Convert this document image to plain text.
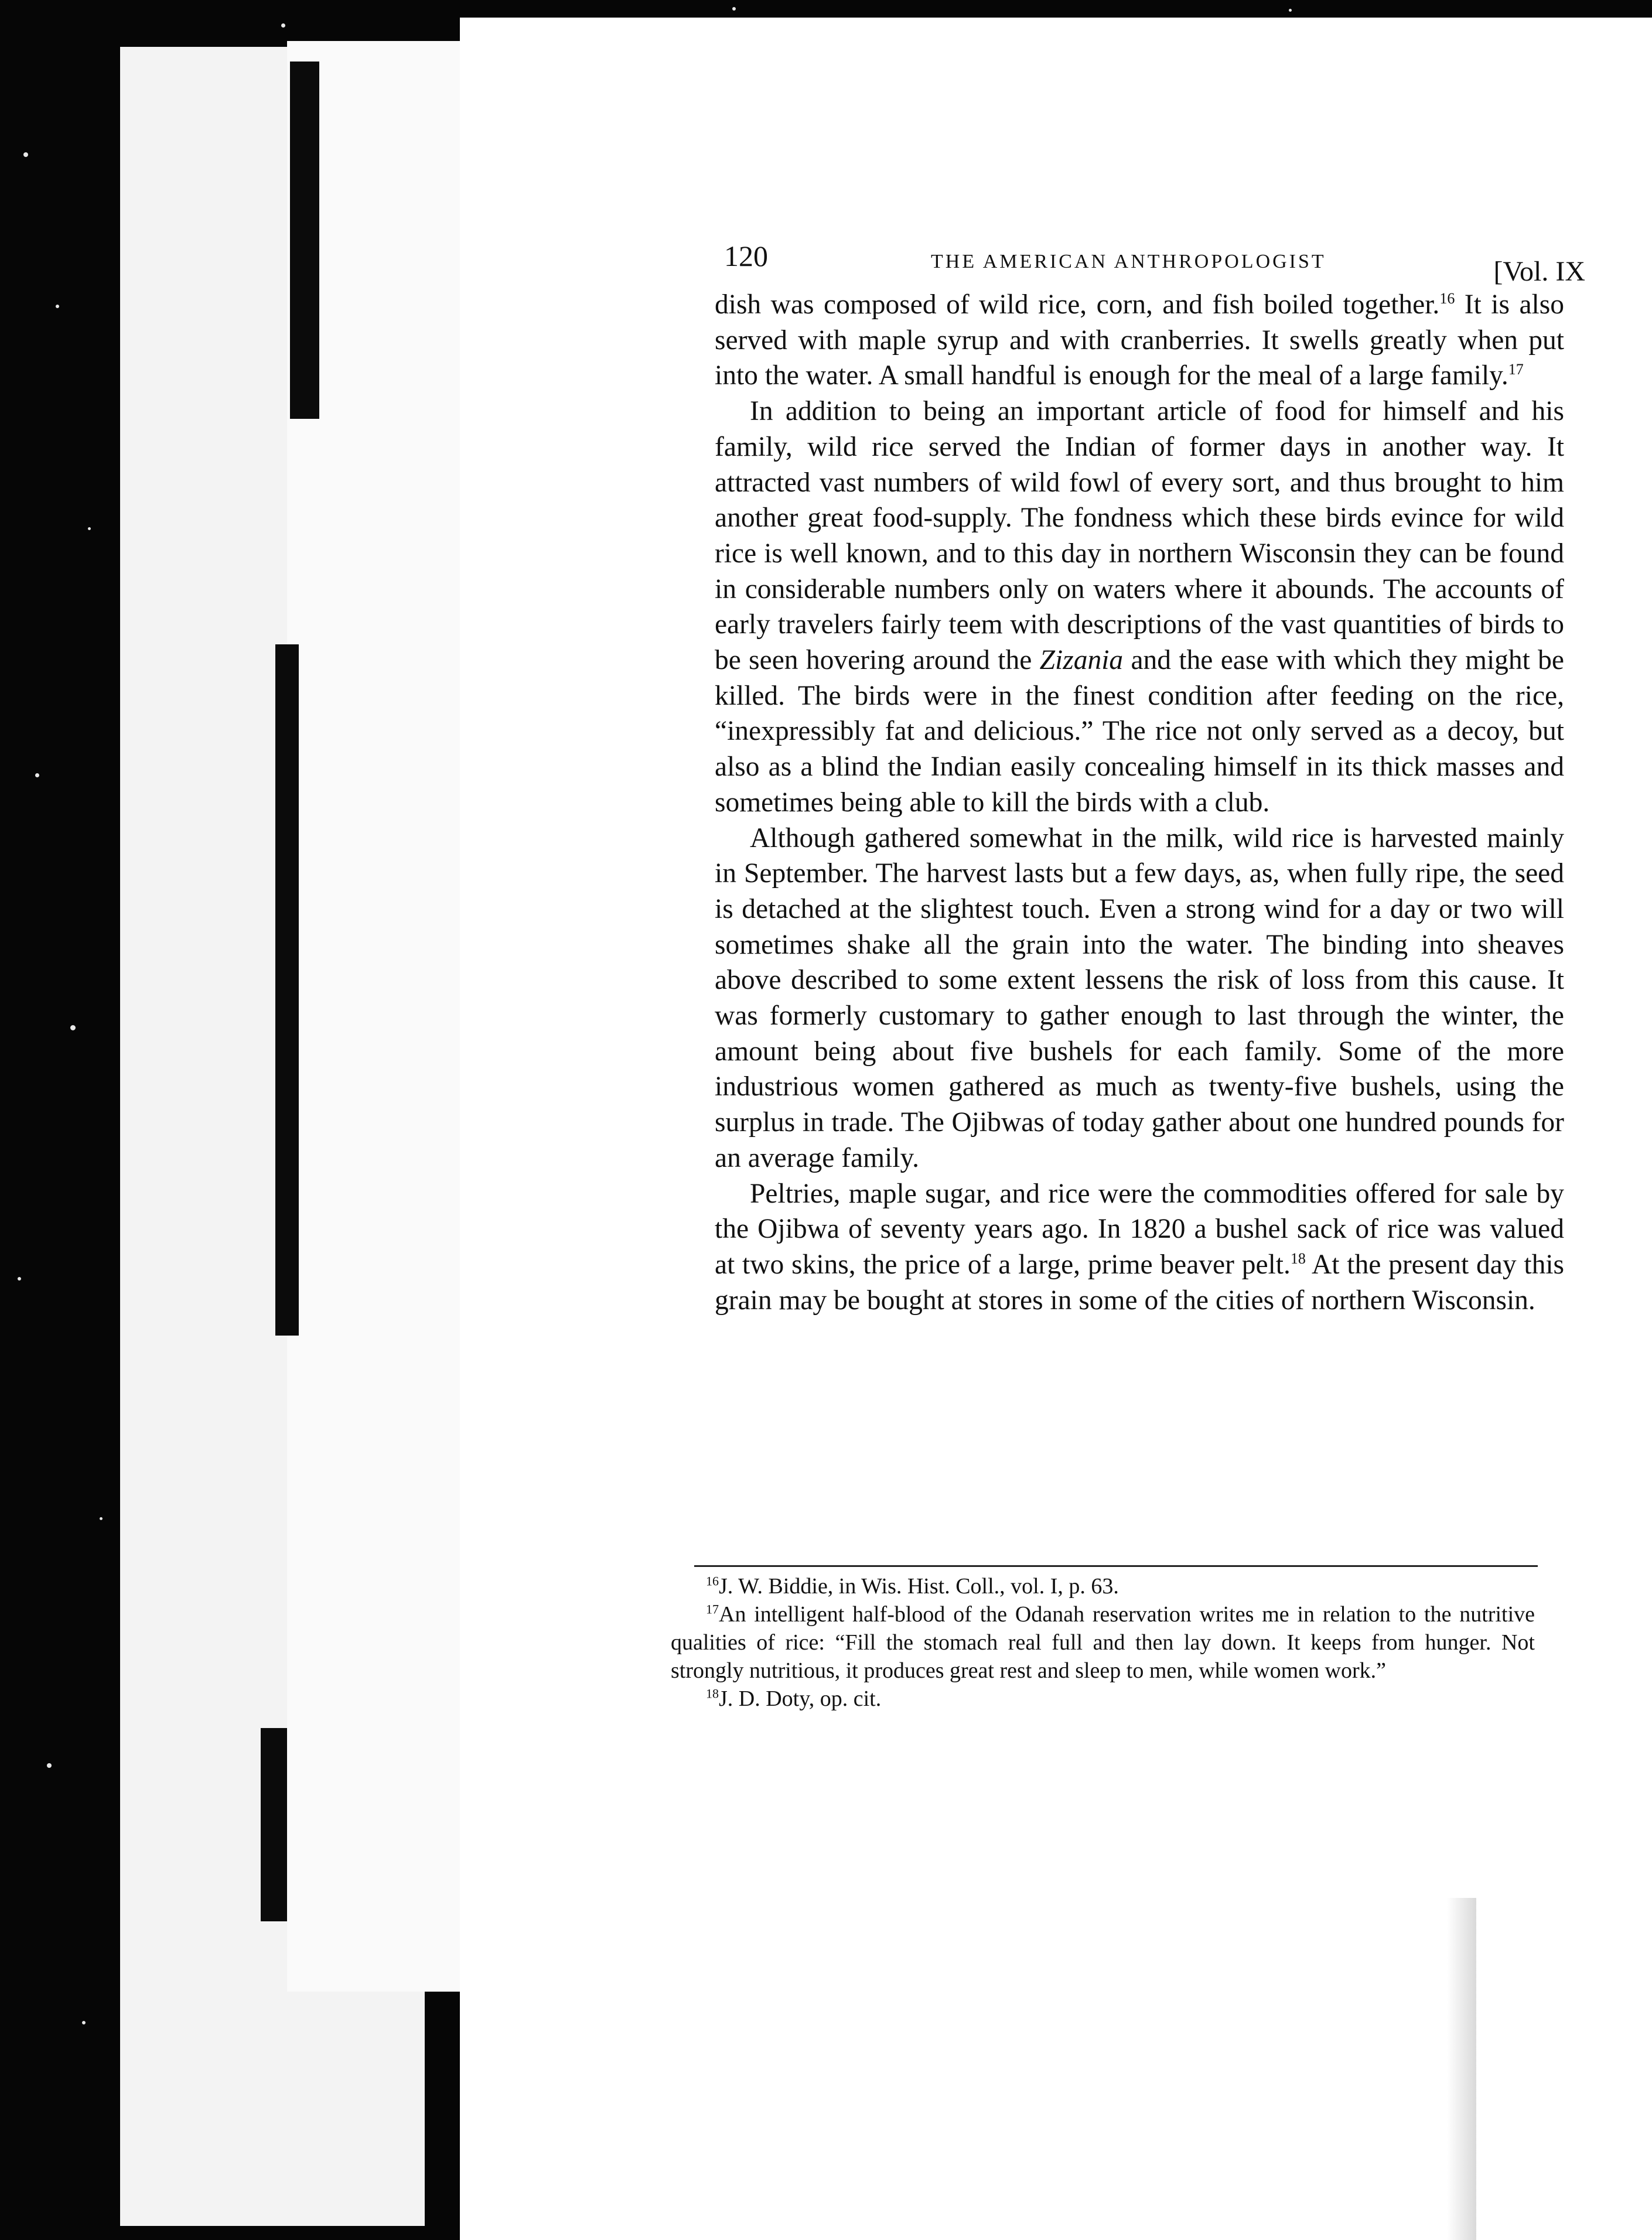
120	THE AMERICAN ANTHROPOLOGIST	[Vol. IX

dish was composed of wild rice, corn, and fish boiled together.$^{16}$ It is also served with maple syrup and with cranberries. It swells greatly when put into the water. A small handful is enough for the meal of a large family.$^{17}$

In addition to being an important article of food for himself and his family, wild rice served the Indian of former days in another way. It attracted vast numbers of wild fowl of every sort, and thus brought to him another great food-supply. The fondness which these birds evince for wild rice is well known, and to this day in northern Wisconsin they can be found in considerable numbers only on waters where it abounds. The accounts of early travelers fairly teem with descriptions of the vast quantities of birds to be seen hovering around the Zizania and the ease with which they might be killed. The birds were in the finest condition after feeding on the rice, “inexpressibly fat and delicious.” The rice not only served as a decoy, but also as a blind the Indian easily concealing himself in its thick masses and sometimes being able to kill the birds with a club.

Although gathered somewhat in the milk, wild rice is harvested mainly in September. The harvest lasts but a few days, as, when fully ripe, the seed is detached at the slightest touch. Even a strong wind for a day or two will sometimes shake all the grain into the water. The binding into sheaves above described to some extent lessens the risk of loss from this cause. It was formerly customary to gather enough to last through the winter, the amount being about five bushels for each family. Some of the more industrious women gathered as much as twenty-five bushels, using the surplus in trade. The Ojibwas of today gather about one hundred pounds for an average family.

Peltries, maple sugar, and rice were the commodities offered for sale by the Ojibwa of seventy years ago. In 1820 a bushel sack of rice was valued at two skins, the price of a large, prime beaver pelt.$^{18}$ At the present day this grain may be bought at stores in some of the cities of northern Wisconsin.

$^{16}$J. W. Biddie, in Wis. Hist. Coll., vol. I, p. 63.

$^{17}$An intelligent half-blood of the Odanah reservation writes me in relation to the nutritive qualities of rice: “Fill the stomach real full and then lay down. It keeps from hunger. Not strongly nutritious, it produces great rest and sleep to men, while women work.”

$^{18}$J. D. Doty, op. cit.
